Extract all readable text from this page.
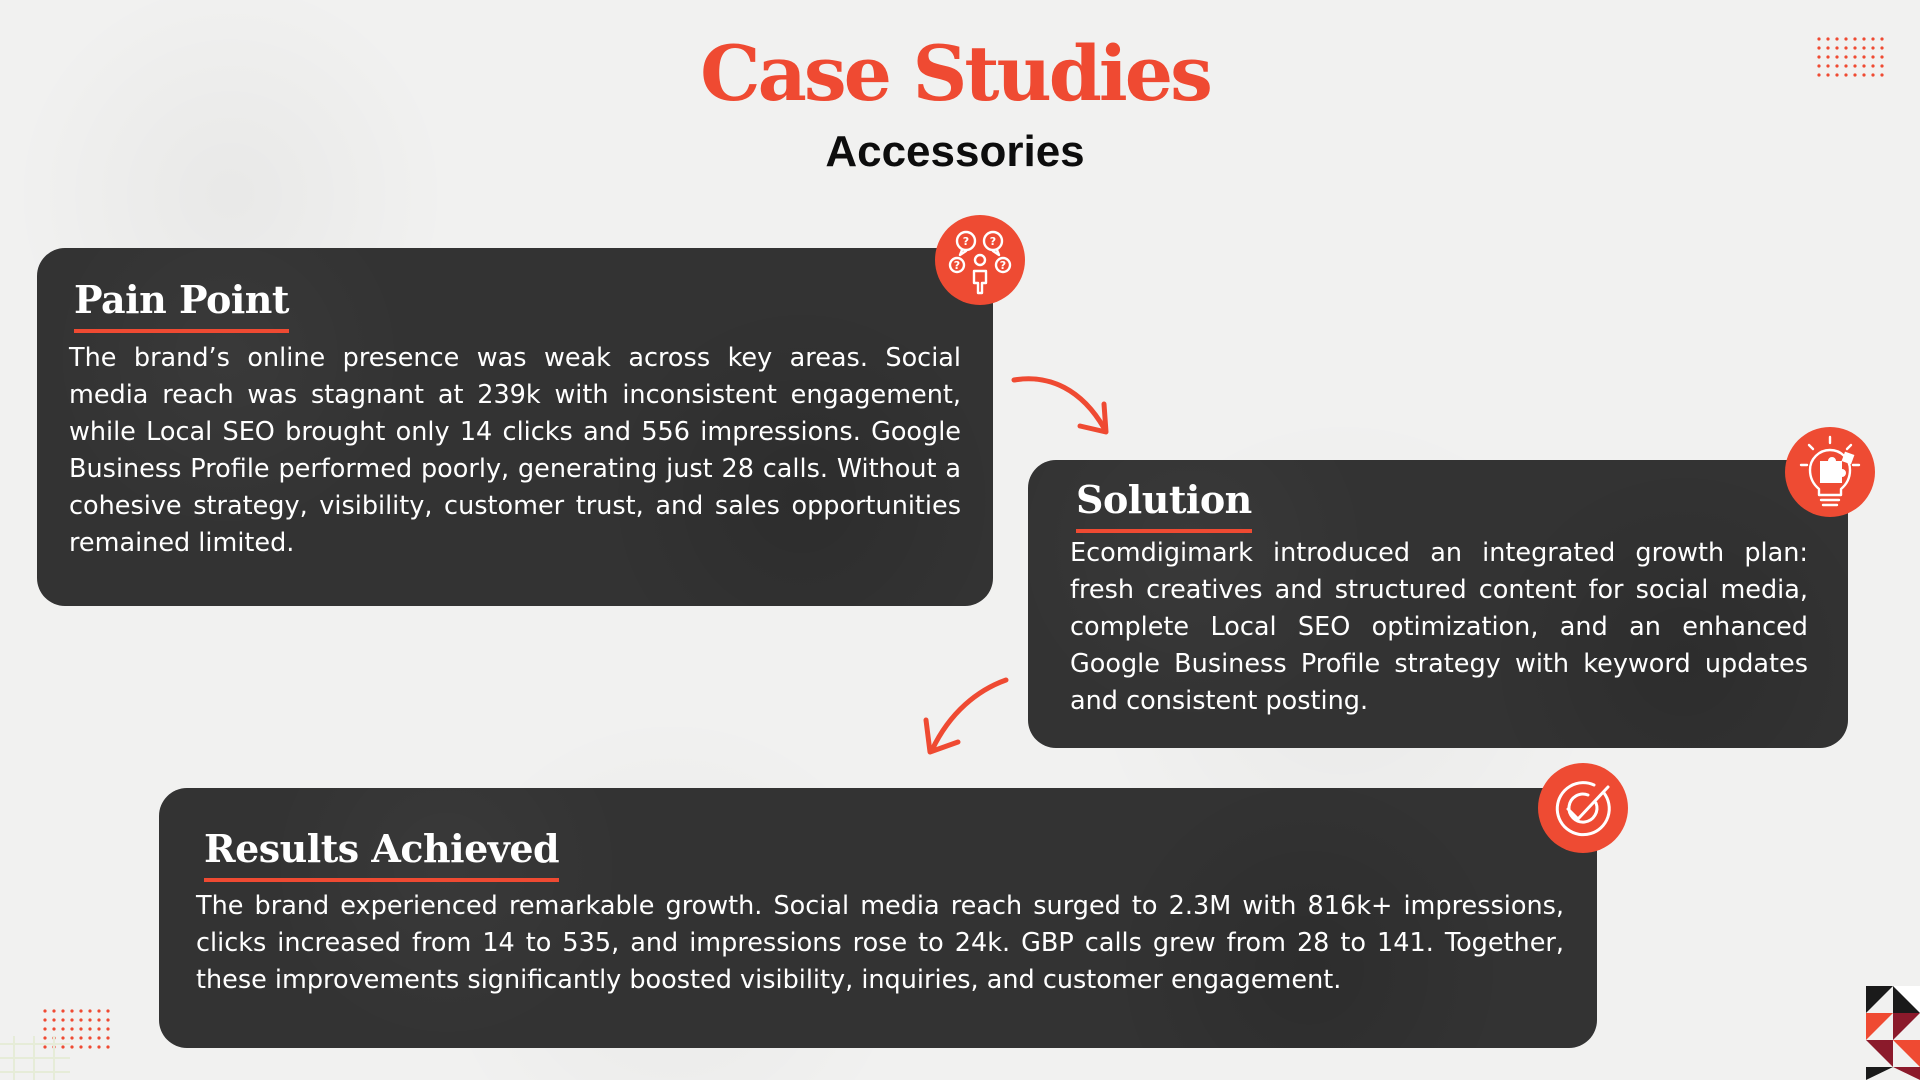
Case Studies
Accessories
Pain Point

The brand’s online presence was weak across key areas. Social media reach was stagnant at 239k with inconsistent engagement, while Local SEO brought only 14 clicks and 556 impressions. Google Business Profile performed poorly, generating just 28 calls. Without a cohesive strategy, visibility, customer trust, and sales opportunities remained limited.

? ?
?	?
Solution

Ecomdigimark introduced an integrated growth plan: fresh creatives and structured content for social media, complete Local SEO optimization, and an enhanced Google Business Profile strategy with keyword updates and consistent posting.

Results Achieved

The brand experienced remarkable growth. Social media reach surged to 2.3M with 816k+ impressions, clicks increased from 14 to 535, and impressions rose to 24k. GBP calls grew from 28 to 141. Together, these improvements significantly boosted visibility, inquiries, and customer engagement.
